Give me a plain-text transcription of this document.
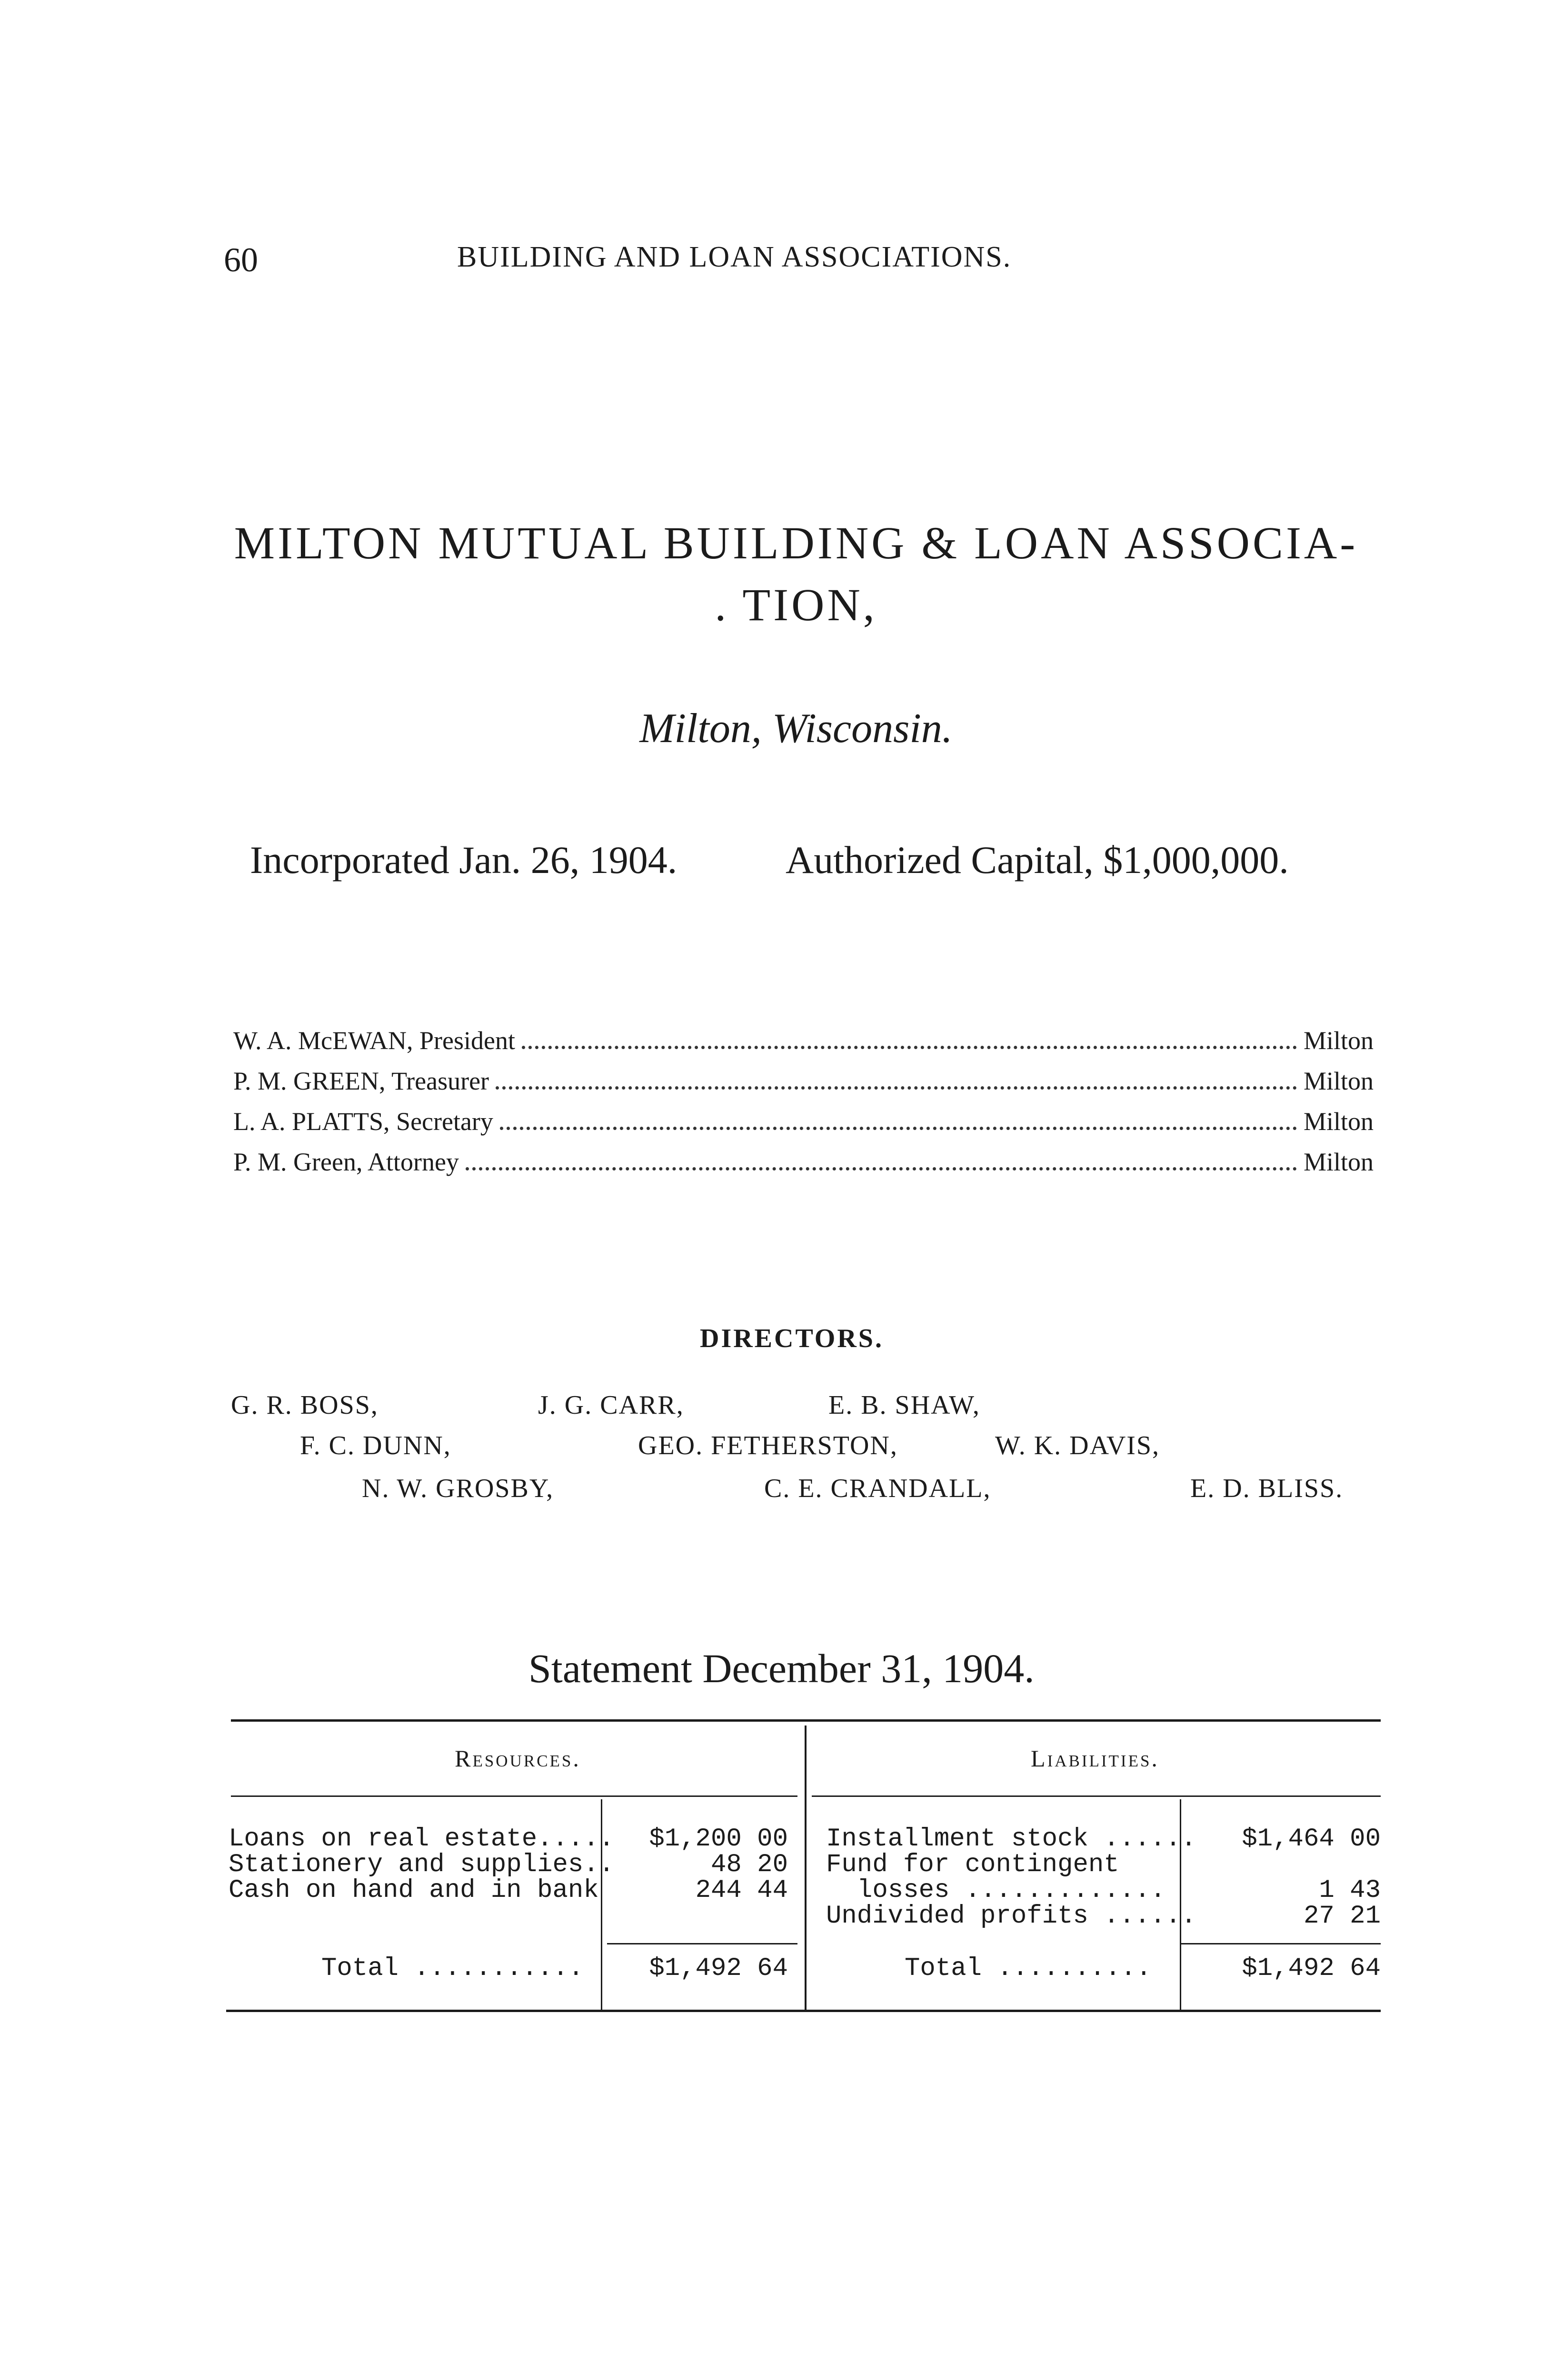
60	BUILDING AND LOAN ASSOCIATIONS.
MILTON MUTUAL BUILDING & LOAN ASSOCIA-
. TION,
Milton, Wisconsin.
Incorporated Jan. 26, 1904.	Authorized Capital, $1,000,000.
W. A. McEWAN, President	Milton
P. M. GREEN, Treasurer	Milton
L. A. PLATTS, Secretary	Milton
P. M. Green, Attorney	Milton
DIRECTORS.
G. R. BOSS,	J. G. CARR,	E. B. SHAW,
F. C. DUNN,	GEO. FETHERSTON,	W. K. DAVIS,
N. W. GROSBY,	C. E. CRANDALL,	E. D. BLISS.
Statement December 31, 1904.
Resources.	Liabilities.
Loans on real estate.....	$1,200 00
Stationery and supplies..	48 20
Cash on hand and in bank	244 44
Total ...........	$1,492 64
Installment stock ......	$1,464 00
Fund for contingent
losses .............	1 43
Undivided profits ......	27 21
Total ..........	$1,492 64
